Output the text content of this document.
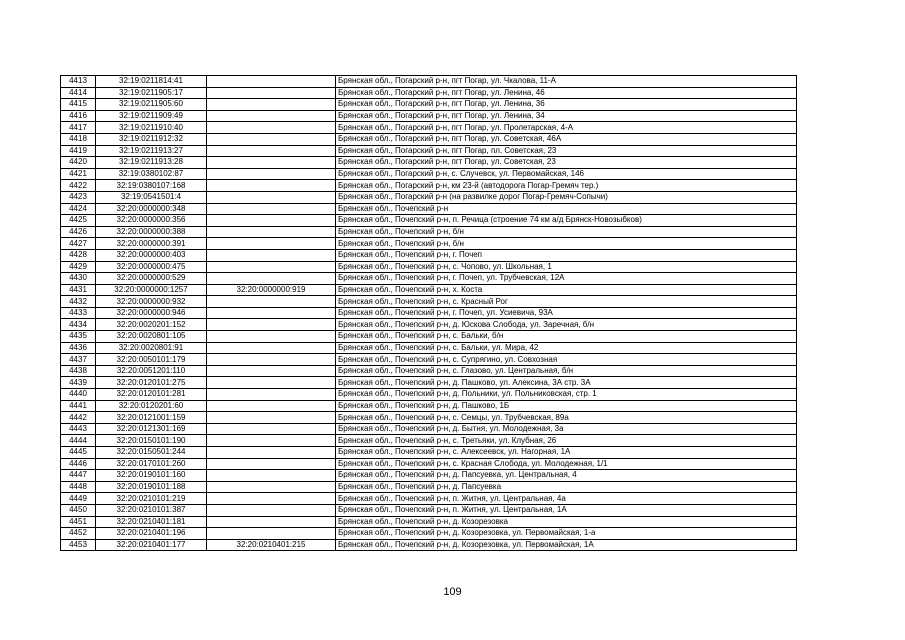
4413	32:19:0211814:41		Брянская обл., Погарский р-н, пгт Погар, ул. Чкалова, 11-А
4414	32:19:0211905:17		Брянская обл., Погарский р-н, пгт Погар, ул. Ленина, 46
4415	32:19:0211905:60		Брянская обл., Погарский р-н, пгт Погар, ул. Ленина, 36
4416	32:19:0211909:49		Брянская обл., Погарский р-н, пгт Погар, ул. Ленина, 34
4417	32:19:0211910:40		Брянская обл., Погарский р-н, пгт Погар, ул. Пролетарская, 4-А
4418	32:19:0211912:32		Брянская обл., Погарский р-н, пгт Погар, ул. Советская, 46А
4419	32:19:0211913:27		Брянская обл., Погарский р-н, пгт Погар, пл. Советская, 23
4420	32:19:0211913:28		Брянская обл., Погарский р-н, пгт Погар, ул. Советская, 23
4421	32:19:0380102:87		Брянская обл., Погарский р-н, с. Случевск, ул. Первомайская, 146
4422	32:19:0380107:168		Брянская обл., Погарский р-н, км 23-й (автодорога Погар-Гремяч тер.)
4423	32:19:0541501:4		Брянская обл., Погарский р-н (на развилке дорог Погар-Гремяч-Сопычи)
4424	32:20:0000000:348		Брянская обл., Почепский р-н
4425	32:20:0000000:356		Брянская обл., Почепский р-н, п. Речица (строение 74 км а/д Брянск-Новозыбков)
4426	32:20:0000000:388		Брянская обл., Почепский р-н, б/н
4427	32:20:0000000:391		Брянская обл., Почепский р-н, б/н
4428	32:20:0000000:403		Брянская обл., Почепский р-н, г. Почеп
4429	32:20:0000000:475		Брянская обл., Почепский р-н, с. Чопово, ул. Школьная, 1
4430	32:20:0000000:529		Брянская обл., Почепский р-н, г. Почеп, ул. Трубчевская, 12А
4431	32:20:0000000:1257	32:20:0000000:919	Брянская обл., Почепский р-н, х. Коста
4432	32:20:0000000:932		Брянская обл., Почепский р-н, с. Красный Рог
4433	32:20:0000000:946		Брянская обл., Почепский р-н, г. Почеп, ул. Усиевича, 93А
4434	32:20:0020201:152		Брянская обл., Почепский р-н, д. Юскова Слобода, ул. Заречная, б/н
4435	32:20:0020801:105		Брянская обл., Почепский р-н, с. Бальки, б/н
4436	32:20:0020801:91		Брянская обл., Почепский р-н, с. Бальки, ул. Мира, 42
4437	32:20:0050101:179		Брянская обл., Почепский р-н, с. Супрягино, ул. Совхозная
4438	32:20:0051201:110		Брянская обл., Почепский р-н, с. Глазово, ул. Центральная, б/н
4439	32:20:0120101:275		Брянская обл., Почепский р-н, д. Пашково, ул. Алексина, 3А стр. 3А
4440	32:20:0120101:281		Брянская обл., Почепский р-н, д. Польники, ул. Польниковская, стр. 1
4441	32:20:0120201:60		Брянская обл., Почепский р-н, д. Пашково, 1Б
4442	32:20:0121001:159		Брянская обл., Почепский р-н, с. Семцы, ул. Трубчевская, 89а
4443	32:20:0121301:169		Брянская обл., Почепский р-н, д. Бытня, ул. Молодежная, 3а
4444	32:20:0150101:190		Брянская обл., Почепский р-н, с. Третьяки, ул. Клубная, 26
4445	32:20:0150501:244		Брянская обл., Почепский р-н, с. Алексеевск, ул. Нагорная, 1А
4446	32:20:0170101:260		Брянская обл., Почепский р-н, с. Красная Слобода, ул. Молодежная, 1/1
4447	32:20:0190101:160		Брянская обл., Почепский р-н, д. Папсуевка, ул. Центральная, 4
4448	32:20:0190101:188		Брянская обл., Почепский р-н, д. Папсуевка
4449	32:20:0210101:219		Брянская обл., Почепский р-н, п. Житня, ул. Центральная, 4а
4450	32:20:0210101:387		Брянская обл., Почепский р-н, п. Житня, ул. Центральная, 1А
4451	32:20:0210401:181		Брянская обл., Почепский р-н, д. Козорезовка
4452	32:20:0210401:196		Брянская обл., Почепский р-н, д. Козорезовка, ул. Первомайская, 1-а
4453	32:20:0210401:177	32:20:0210401:215	Брянская обл., Почепский р-н, д. Козорезовка, ул. Первомайская, 1А
109
